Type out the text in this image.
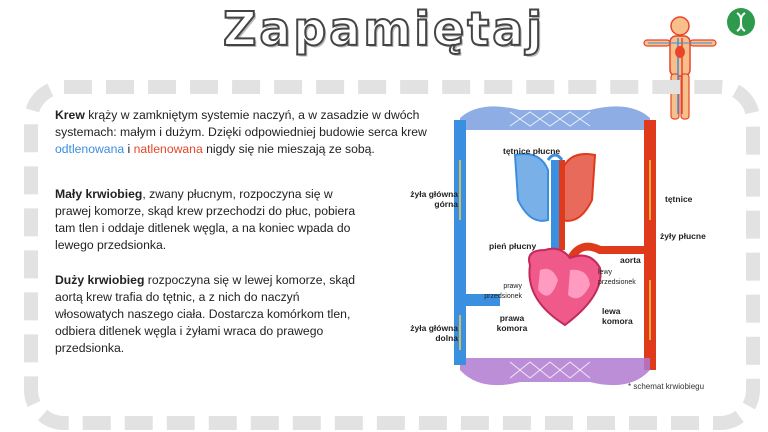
Zapamiętaj
Krew krąży w zamkniętym systemie naczyń, a w zasadzie w dwóch systemach: małym i dużym. Dzięki odpowiedniej budowie serca krew odtlenowana i natlenowana nigdy się nie mieszają ze sobą.
Mały krwiobieg, zwany płucnym, rozpoczyna się w prawej komorze, skąd krew przechodzi do płuc, pobiera tam tlen i oddaje ditlenek węgla, a na koniec wpada do lewego przedsionka.
Duży krwiobieg rozpoczyna się w lewej komorze, skąd aortą krew trafia do tętnic, a z nich do naczyń włosowatych naszego ciała. Dostarcza komórkom tlen, odbiera ditlenek węgla i żyłami wraca do prawego przedsionka.
tętnice płucne
żyła główna górna	tętnice
żyły płucne
pień płucny
aorta
lewy przedsionek
prawy przedsionek
prawa komora
lewa komora
żyła główna dolna
* schemat krwiobiegu
